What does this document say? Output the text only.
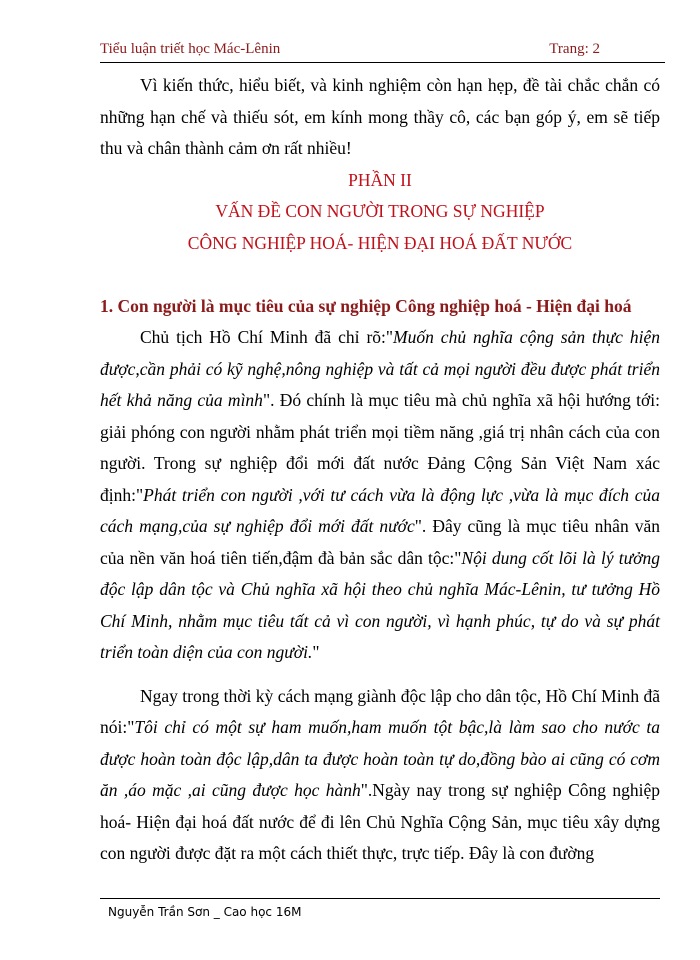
Tiểu luận triết học Mác-Lênin	Trang: 2

Vì kiến thức, hiểu biết, và kinh nghiệm còn hạn hẹp, đề tài chắc chắn có những hạn chế và thiếu sót, em kính mong thầy cô, các bạn góp ý, em sẽ tiếp thu và chân thành cảm ơn rất nhiều!

PHẦN II

VẤN ĐỀ CON NGƯỜI TRONG SỰ NGHIỆP

CÔNG NGHIỆP HOÁ- HIỆN ĐẠI HOÁ ĐẤT NƯỚC

1. Con người là mục tiêu của sự nghiệp Công nghiệp hoá - Hiện đại hoá

Chủ tịch Hồ Chí Minh đã chỉ rõ:"Muốn chủ nghĩa cộng sản thực hiện được,cần phải có kỹ nghệ,nông nghiệp và tất cả mọi người đều được phát triển hết khả năng của mình". Đó chính là mục tiêu mà chủ nghĩa xã hội hướng tới: giải phóng con người nhằm phát triển mọi tiềm năng ,giá trị nhân cách của con người. Trong sự nghiệp đổi mới đất nước Đảng Cộng Sản Việt Nam xác định:"Phát triển con người ,với tư cách vừa là động lực ,vừa là mục đích của cách mạng,của sự nghiệp đổi mới đất nước". Đây cũng là mục tiêu nhân văn của nền văn hoá tiên tiến,đậm đà bản sắc dân tộc:"Nội dung cốt lõi là lý tưởng độc lập dân tộc và Chủ nghĩa xã hội theo chủ nghĩa Mác-Lênin, tư tưởng Hồ Chí Minh, nhằm mục tiêu tất cả vì con người, vì hạnh phúc, tự do và sự phát triển toàn diện của con người."

Ngay trong thời kỳ cách mạng giành độc lập cho dân tộc, Hồ Chí Minh đã nói:"Tôi chỉ có một sự ham muốn,ham muốn tột bậc,là làm sao cho nước ta được hoàn toàn độc lập,dân ta được hoàn toàn tự do,đồng bào ai cũng có cơm ăn ,áo mặc ,ai cũng được học hành".Ngày nay trong sự nghiệp Công nghiệp hoá- Hiện đại hoá đất nước để đi lên Chủ Nghĩa Cộng Sản, mục tiêu xây dựng con người được đặt ra một cách thiết thực, trực tiếp. Đây là con đường

Nguyễn Trần Sơn _ Cao học 16M
